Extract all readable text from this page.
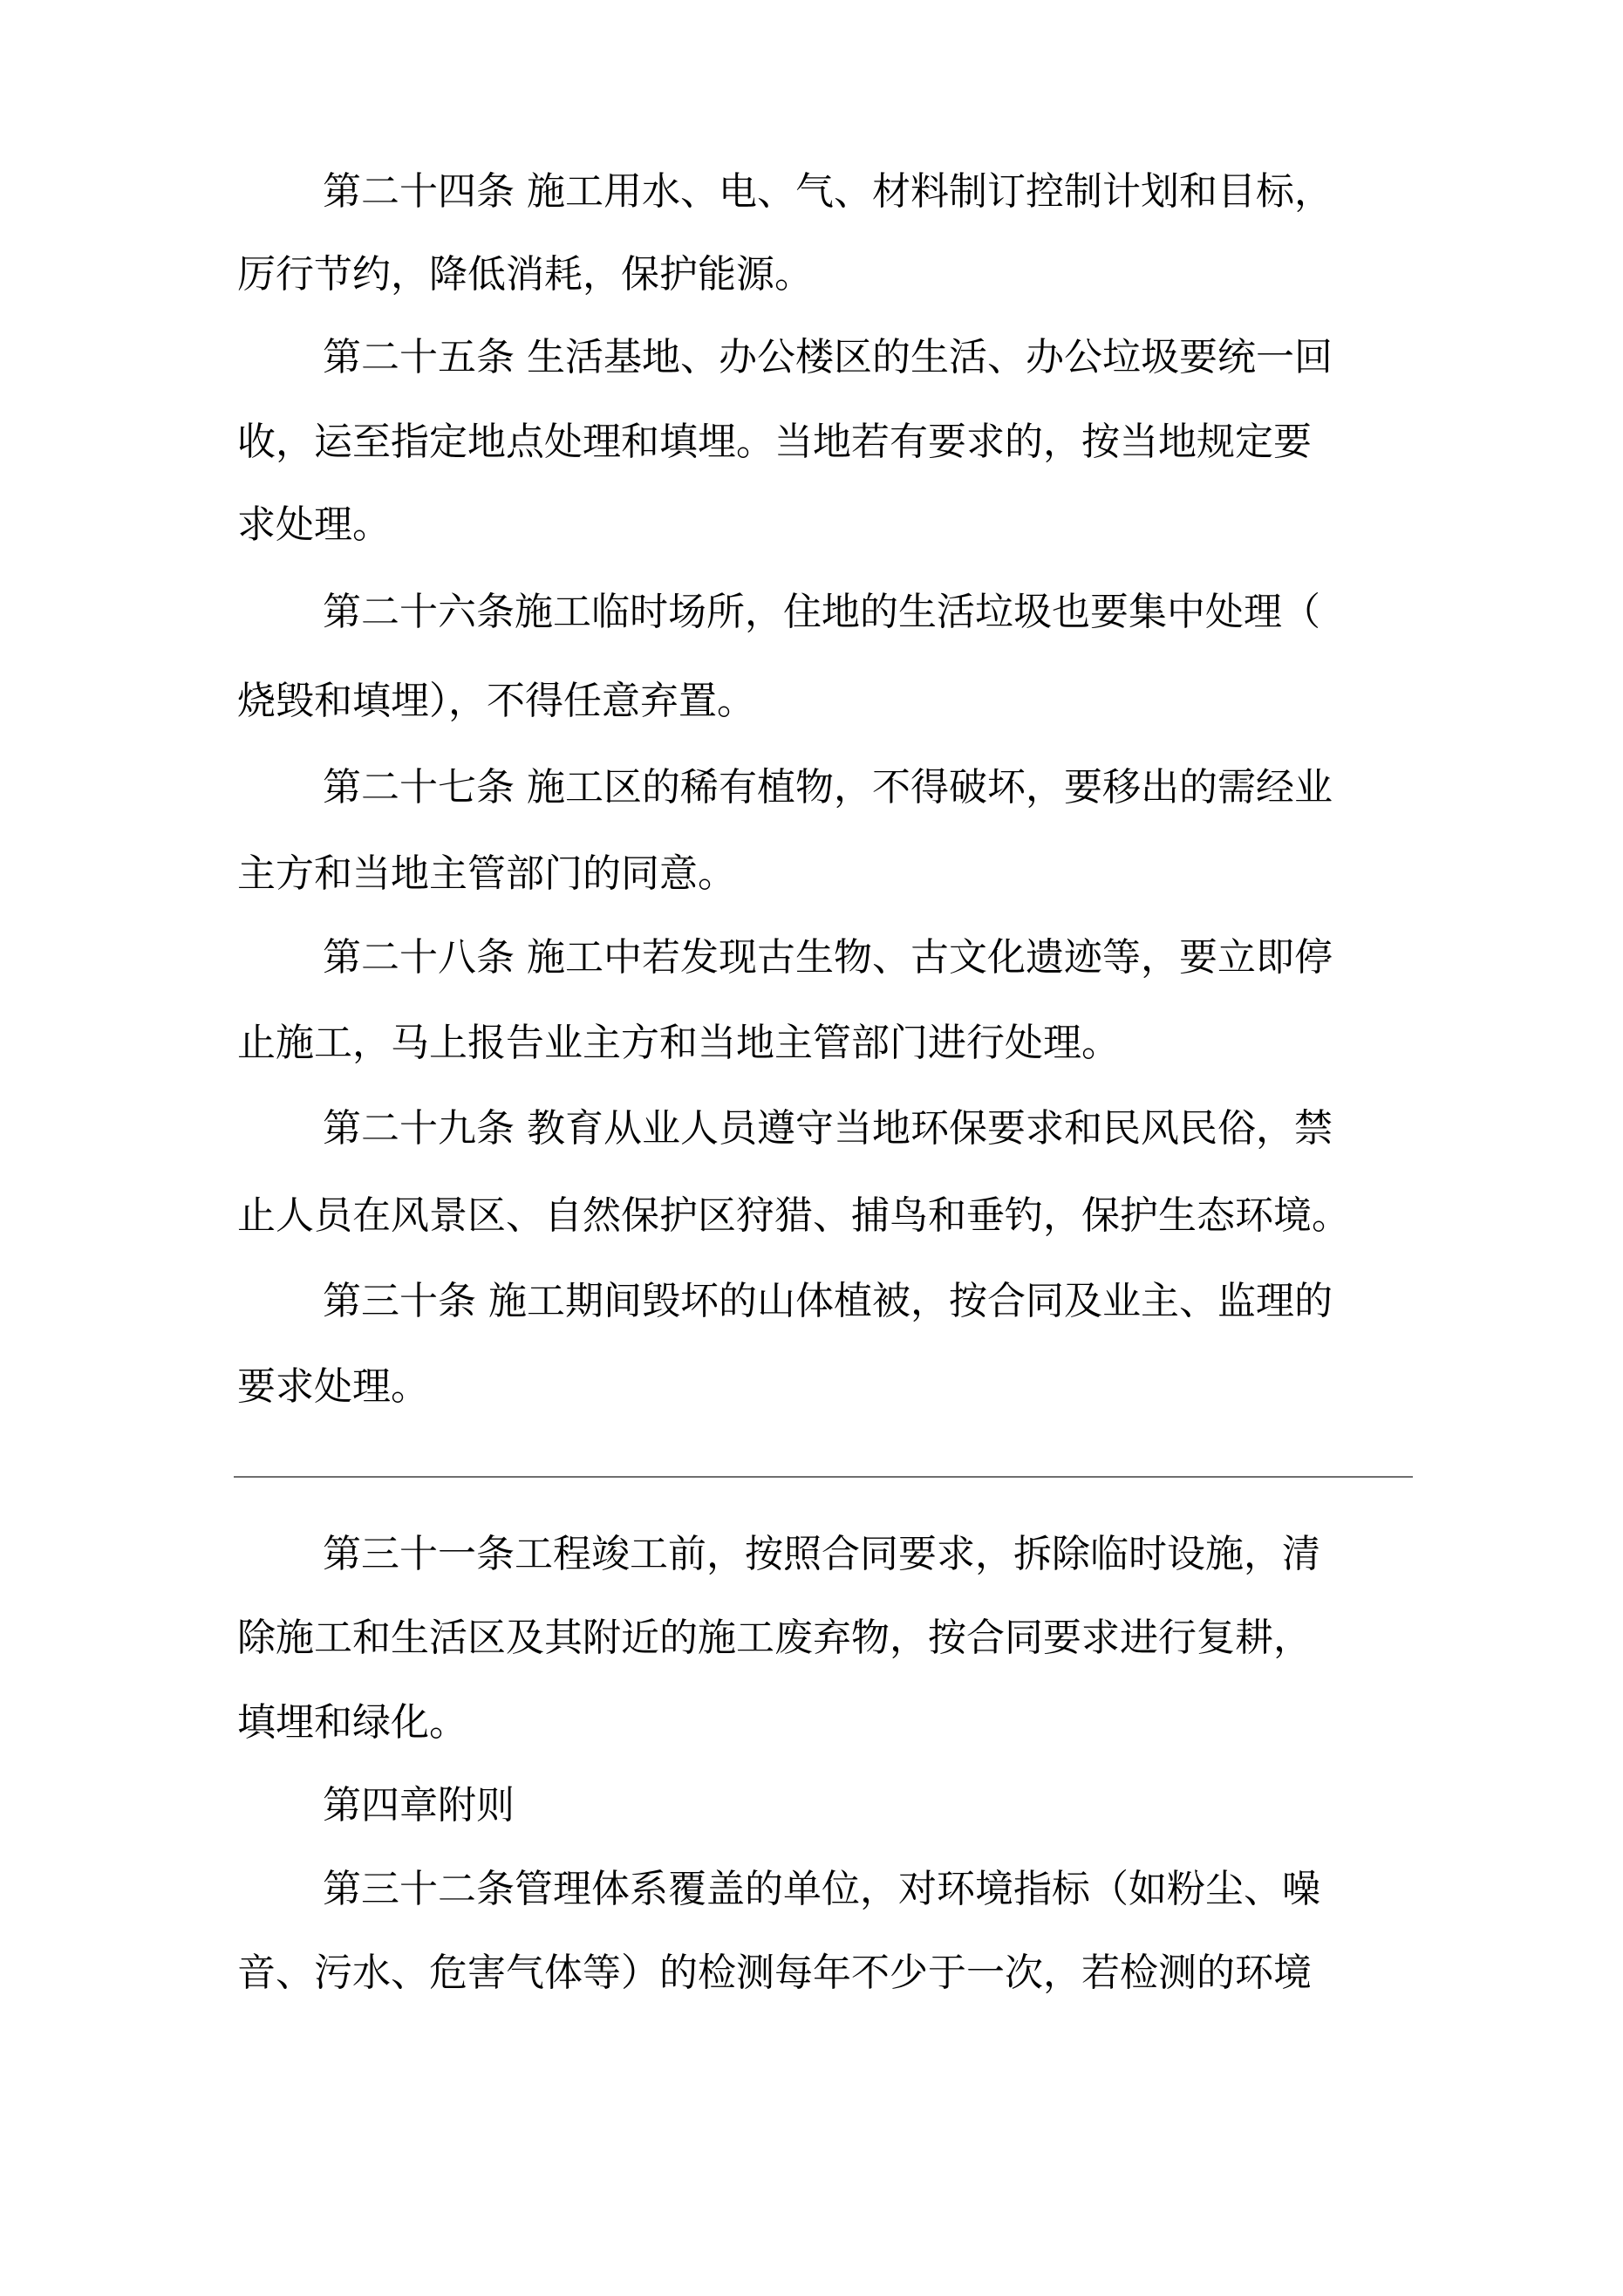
第二十四条 施工用水、电、气、材料制订控制计划和目标，
厉行节约，降低消耗，保护能源。
第二十五条 生活基地、办公楼区的生活、办公垃圾要统一回
收，运至指定地点处理和填埋。当地若有要求的，按当地规定要
求处理。
第二十六条施工临时场所，住地的生活垃圾也要集中处理（
烧毁和填埋），不得任意弃置。
第二十七条 施工区的稀有植物，不得破坏，要移出的需经业
主方和当地主管部门的同意。
第二十八条 施工中若发现古生物、古文化遗迹等，要立即停
止施工，马上报告业主方和当地主管部门进行处理。
第二十九条 教育从业人员遵守当地环保要求和民风民俗，禁
止人员在风景区、自然保护区狩猎、捕鸟和垂钓，保护生态环境。
第三十条 施工期间毁坏的山体植被，按合同及业主、监理的
要求处理。
第三十一条工程竣工前，按照合同要求，拆除临时设施，清
除施工和生活区及其附近的施工废弃物，按合同要求进行复耕，
填埋和绿化。
第四章附则
第三十二条管理体系覆盖的单位，对环境指标（如粉尘、噪
音、污水、危害气体等）的检测每年不少于一次，若检测的环境
